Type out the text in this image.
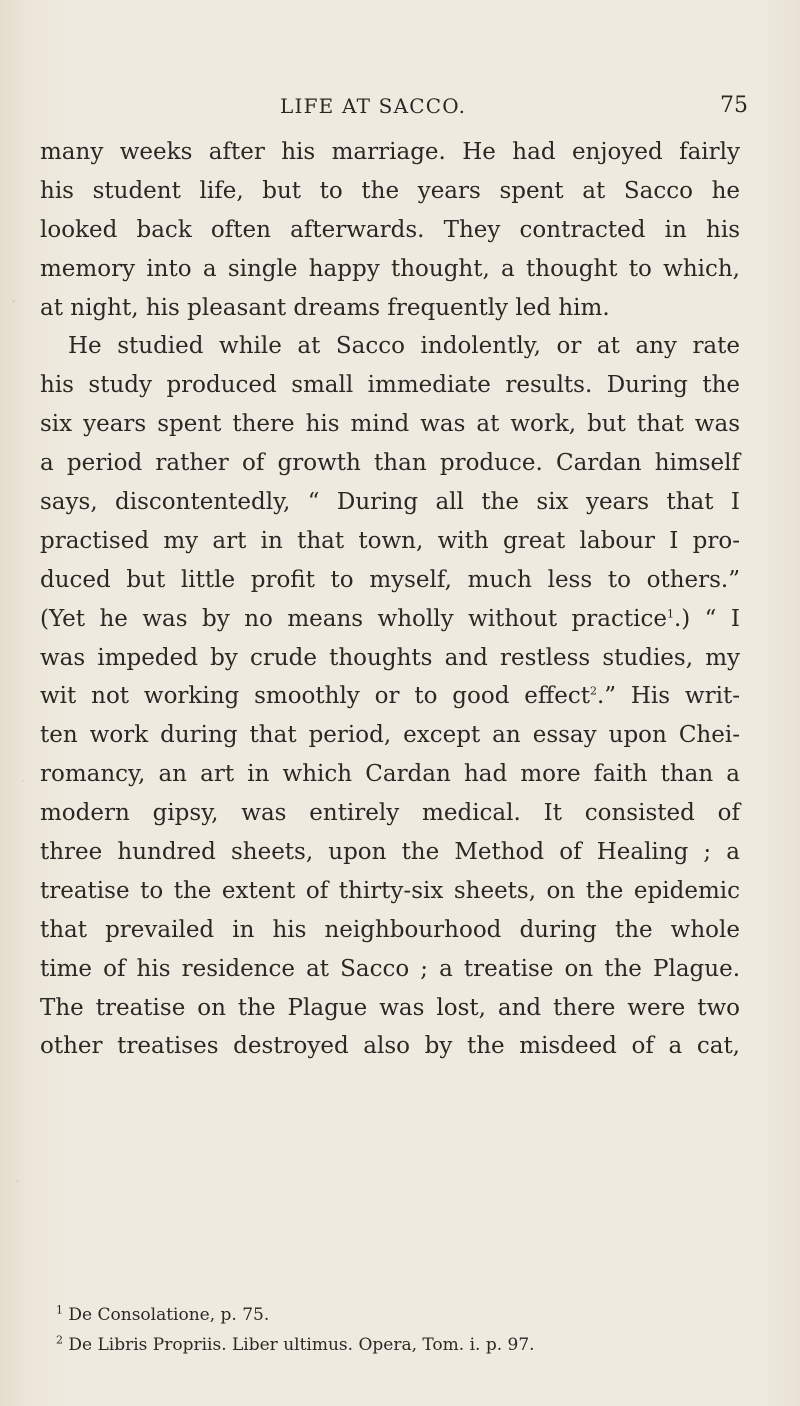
LIFE AT SACCO.	75
many weeks after his marriage. He had enjoyed fairly
his student life, but to the years spent at Sacco he
looked back often afterwards. They contracted in his
memory into a single happy thought, a thought to which,
at night, his pleasant dreams frequently led him.
He studied while at Sacco indolently, or at any rate
his study produced small immediate results. During the
six years spent there his mind was at work, but that was
a period rather of growth than produce. Cardan himself
says, discontentedly, “ During all the six years that I
practised my art in that town, with great labour I pro-
duced but little profit to myself, much less to others.”
(Yet he was by no means wholly without practice$^1$.) “ I
was impeded by crude thoughts and restless studies, my
wit not working smoothly or to good effect$^2$.” His writ-
ten work during that period, except an essay upon Chei-
romancy, an art in which Cardan had more faith than a
modern gipsy, was entirely medical. It consisted of
three hundred sheets, upon the Method of Healing ; a
treatise to the extent of thirty-six sheets, on the epidemic
that prevailed in his neighbourhood during the whole
time of his residence at Sacco ; a treatise on the Plague.
The treatise on the Plague was lost, and there were two
other treatises destroyed also by the misdeed of a cat,
$^1$ De Consolatione, p. 75.
$^2$ De Libris Propriis. Liber ultimus. Opera, Tom. i. p. 97.
